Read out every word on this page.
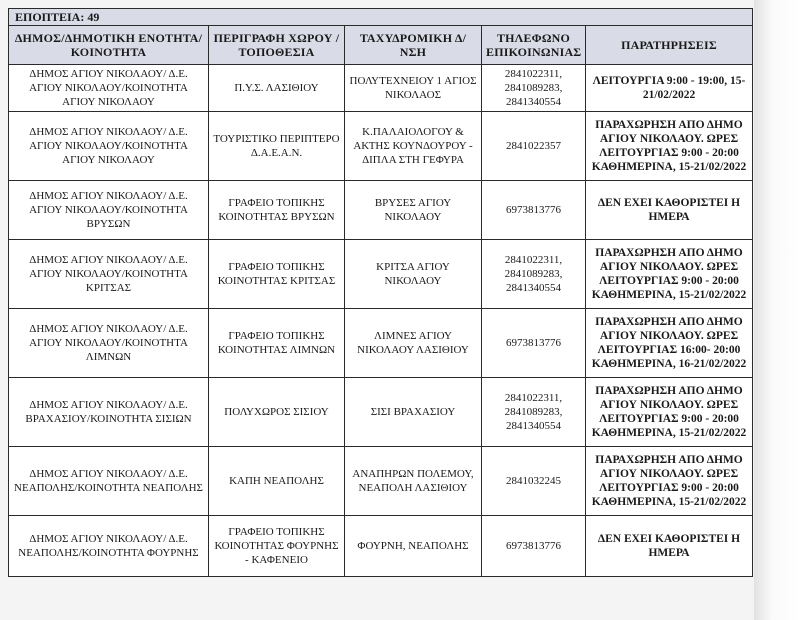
ΕΠΟΠΤΕΙΑ: 49				
ΔΗΜΟΣ/ΔΗΜΟΤΙΚΗ ΕΝΟΤΗΤΑ/ ΚΟΙΝΟΤΗΤΑ	ΠΕΡΙΓΡΑΦΗ ΧΩΡΟΥ / ΤΟΠΟΘΕΣΙΑ	ΤΑΧΥΔΡΟΜΙΚΗ Δ/ ΝΣΗ	ΤΗΛΕΦΩΝΟ ΕΠΙΚΟΙΝΩΝΙΑΣ	ΠΑΡΑΤΗΡΗΣΕΙΣ
ΔΗΜΟΣ ΑΓΙΟΥ ΝΙΚΟΛΑΟΥ/ Δ.Ε. ΑΓΙΟΥ ΝΙΚΟΛΑΟΥ/ΚΟΙΝΟΤΗΤΑ ΑΓΙΟΥ ΝΙΚΟΛΑΟΥ	Π.Υ.Σ. ΛΑΣΙΘΙΟΥ	ΠΟΛΥΤΕΧΝΕΙΟΥ 1 ΑΓΙΟΣ ΝΙΚΟΛΑΟΣ	2841022311,
2841089283,
2841340554	ΛΕΙΤΟΥΡΓΙΑ 9:00 - 19:00, 15-21/02/2022
ΔΗΜΟΣ ΑΓΙΟΥ ΝΙΚΟΛΑΟΥ/ Δ.Ε. ΑΓΙΟΥ ΝΙΚΟΛΑΟΥ/ΚΟΙΝΟΤΗΤΑ ΑΓΙΟΥ ΝΙΚΟΛΑΟΥ	ΤΟΥΡΙΣΤΙΚΟ ΠΕΡΙΠΤΕΡΟ Δ.Α.Ε.Α.Ν.	Κ.ΠΑΛΑΙΟΛΟΓΟΥ & ΑΚΤΗΣ ΚΟΥΝΔΟΥΡΟΥ - ΔΙΠΛΑ ΣΤΗ ΓΕΦΥΡΑ	2841022357	ΠΑΡΑΧΩΡΗΣΗ ΑΠΟ ΔΗΜΟ ΑΓΙΟΥ ΝΙΚΟΛΑΟΥ. ΩΡΕΣ ΛΕΙΤΟΥΡΓΙΑΣ 9:00 - 20:00 ΚΑΘΗΜΕΡΙΝΑ, 15-21/02/2022
ΔΗΜΟΣ ΑΓΙΟΥ ΝΙΚΟΛΑΟΥ/ Δ.Ε. ΑΓΙΟΥ ΝΙΚΟΛΑΟΥ/ΚΟΙΝΟΤΗΤΑ ΒΡΥΣΩΝ	ΓΡΑΦΕΙΟ ΤΟΠΙΚΗΣ ΚΟΙΝΟΤΗΤΑΣ ΒΡΥΣΩΝ	ΒΡΥΣΕΣ ΑΓΙΟΥ ΝΙΚΟΛΑΟΥ	6973813776	ΔΕΝ ΕΧΕΙ ΚΑΘΟΡΙΣΤΕΙ Η ΗΜΕΡΑ
ΔΗΜΟΣ ΑΓΙΟΥ ΝΙΚΟΛΑΟΥ/ Δ.Ε. ΑΓΙΟΥ ΝΙΚΟΛΑΟΥ/ΚΟΙΝΟΤΗΤΑ ΚΡΙΤΣΑΣ	ΓΡΑΦΕΙΟ ΤΟΠΙΚΗΣ ΚΟΙΝΟΤΗΤΑΣ ΚΡΙΤΣΑΣ	ΚΡΙΤΣΑ ΑΓΙΟΥ ΝΙΚΟΛΑΟΥ	2841022311,
2841089283,
2841340554	ΠΑΡΑΧΩΡΗΣΗ ΑΠΟ ΔΗΜΟ ΑΓΙΟΥ ΝΙΚΟΛΑΟΥ. ΩΡΕΣ ΛΕΙΤΟΥΡΓΙΑΣ 9:00 - 20:00 ΚΑΘΗΜΕΡΙΝΑ, 15-21/02/2022
ΔΗΜΟΣ ΑΓΙΟΥ ΝΙΚΟΛΑΟΥ/ Δ.Ε. ΑΓΙΟΥ ΝΙΚΟΛΑΟΥ/ΚΟΙΝΟΤΗΤΑ ΛΙΜΝΩΝ	ΓΡΑΦΕΙΟ ΤΟΠΙΚΗΣ ΚΟΙΝΟΤΗΤΑΣ ΛΙΜΝΩΝ	ΛΙΜΝΕΣ ΑΓΙΟΥ ΝΙΚΟΛΑΟΥ ΛΑΣΙΘΙΟΥ	6973813776	ΠΑΡΑΧΩΡΗΣΗ ΑΠΟ ΔΗΜΟ ΑΓΙΟΥ ΝΙΚΟΛΑΟΥ. ΩΡΕΣ ΛΕΙΤΟΥΡΓΙΑΣ 16:00- 20:00 ΚΑΘΗΜΕΡΙΝΑ, 16-21/02/2022
ΔΗΜΟΣ ΑΓΙΟΥ ΝΙΚΟΛΑΟΥ/ Δ.Ε. ΒΡΑΧΑΣΙΟΥ/ΚΟΙΝΟΤΗΤΑ ΣΙΣΙΩΝ	ΠΟΛΥΧΩΡΟΣ ΣΙΣΙΟΥ	ΣΙΣΙ ΒΡΑΧΑΣΙΟΥ	2841022311,
2841089283,
2841340554	ΠΑΡΑΧΩΡΗΣΗ ΑΠΟ ΔΗΜΟ ΑΓΙΟΥ ΝΙΚΟΛΑΟΥ. ΩΡΕΣ ΛΕΙΤΟΥΡΓΙΑΣ 9:00 - 20:00 ΚΑΘΗΜΕΡΙΝΑ, 15-21/02/2022
ΔΗΜΟΣ ΑΓΙΟΥ ΝΙΚΟΛΑΟΥ/ Δ.Ε. ΝΕΑΠΟΛΗΣ/ΚΟΙΝΟΤΗΤΑ ΝΕΑΠΟΛΗΣ	ΚΑΠΗ ΝΕΑΠΟΛΗΣ	ΑΝΑΠΗΡΩΝ ΠΟΛΕΜΟΥ, ΝΕΑΠΟΛΗ ΛΑΣΙΘΙΟΥ	2841032245	ΠΑΡΑΧΩΡΗΣΗ ΑΠΟ ΔΗΜΟ ΑΓΙΟΥ ΝΙΚΟΛΑΟΥ. ΩΡΕΣ ΛΕΙΤΟΥΡΓΙΑΣ 9:00 - 20:00 ΚΑΘΗΜΕΡΙΝΑ, 15-21/02/2022
ΔΗΜΟΣ ΑΓΙΟΥ ΝΙΚΟΛΑΟΥ/ Δ.Ε. ΝΕΑΠΟΛΗΣ/ΚΟΙΝΟΤΗΤΑ ΦΟΥΡΝΗΣ	ΓΡΑΦΕΙΟ ΤΟΠΙΚΗΣ ΚΟΙΝΟΤΗΤΑΣ ΦΟΥΡΝΗΣ - ΚΑΦΕΝΕΙΟ	ΦΟΥΡΝΗ, ΝΕΑΠΟΛΗΣ	6973813776	ΔΕΝ ΕΧΕΙ ΚΑΘΟΡΙΣΤΕΙ Η ΗΜΕΡΑ
